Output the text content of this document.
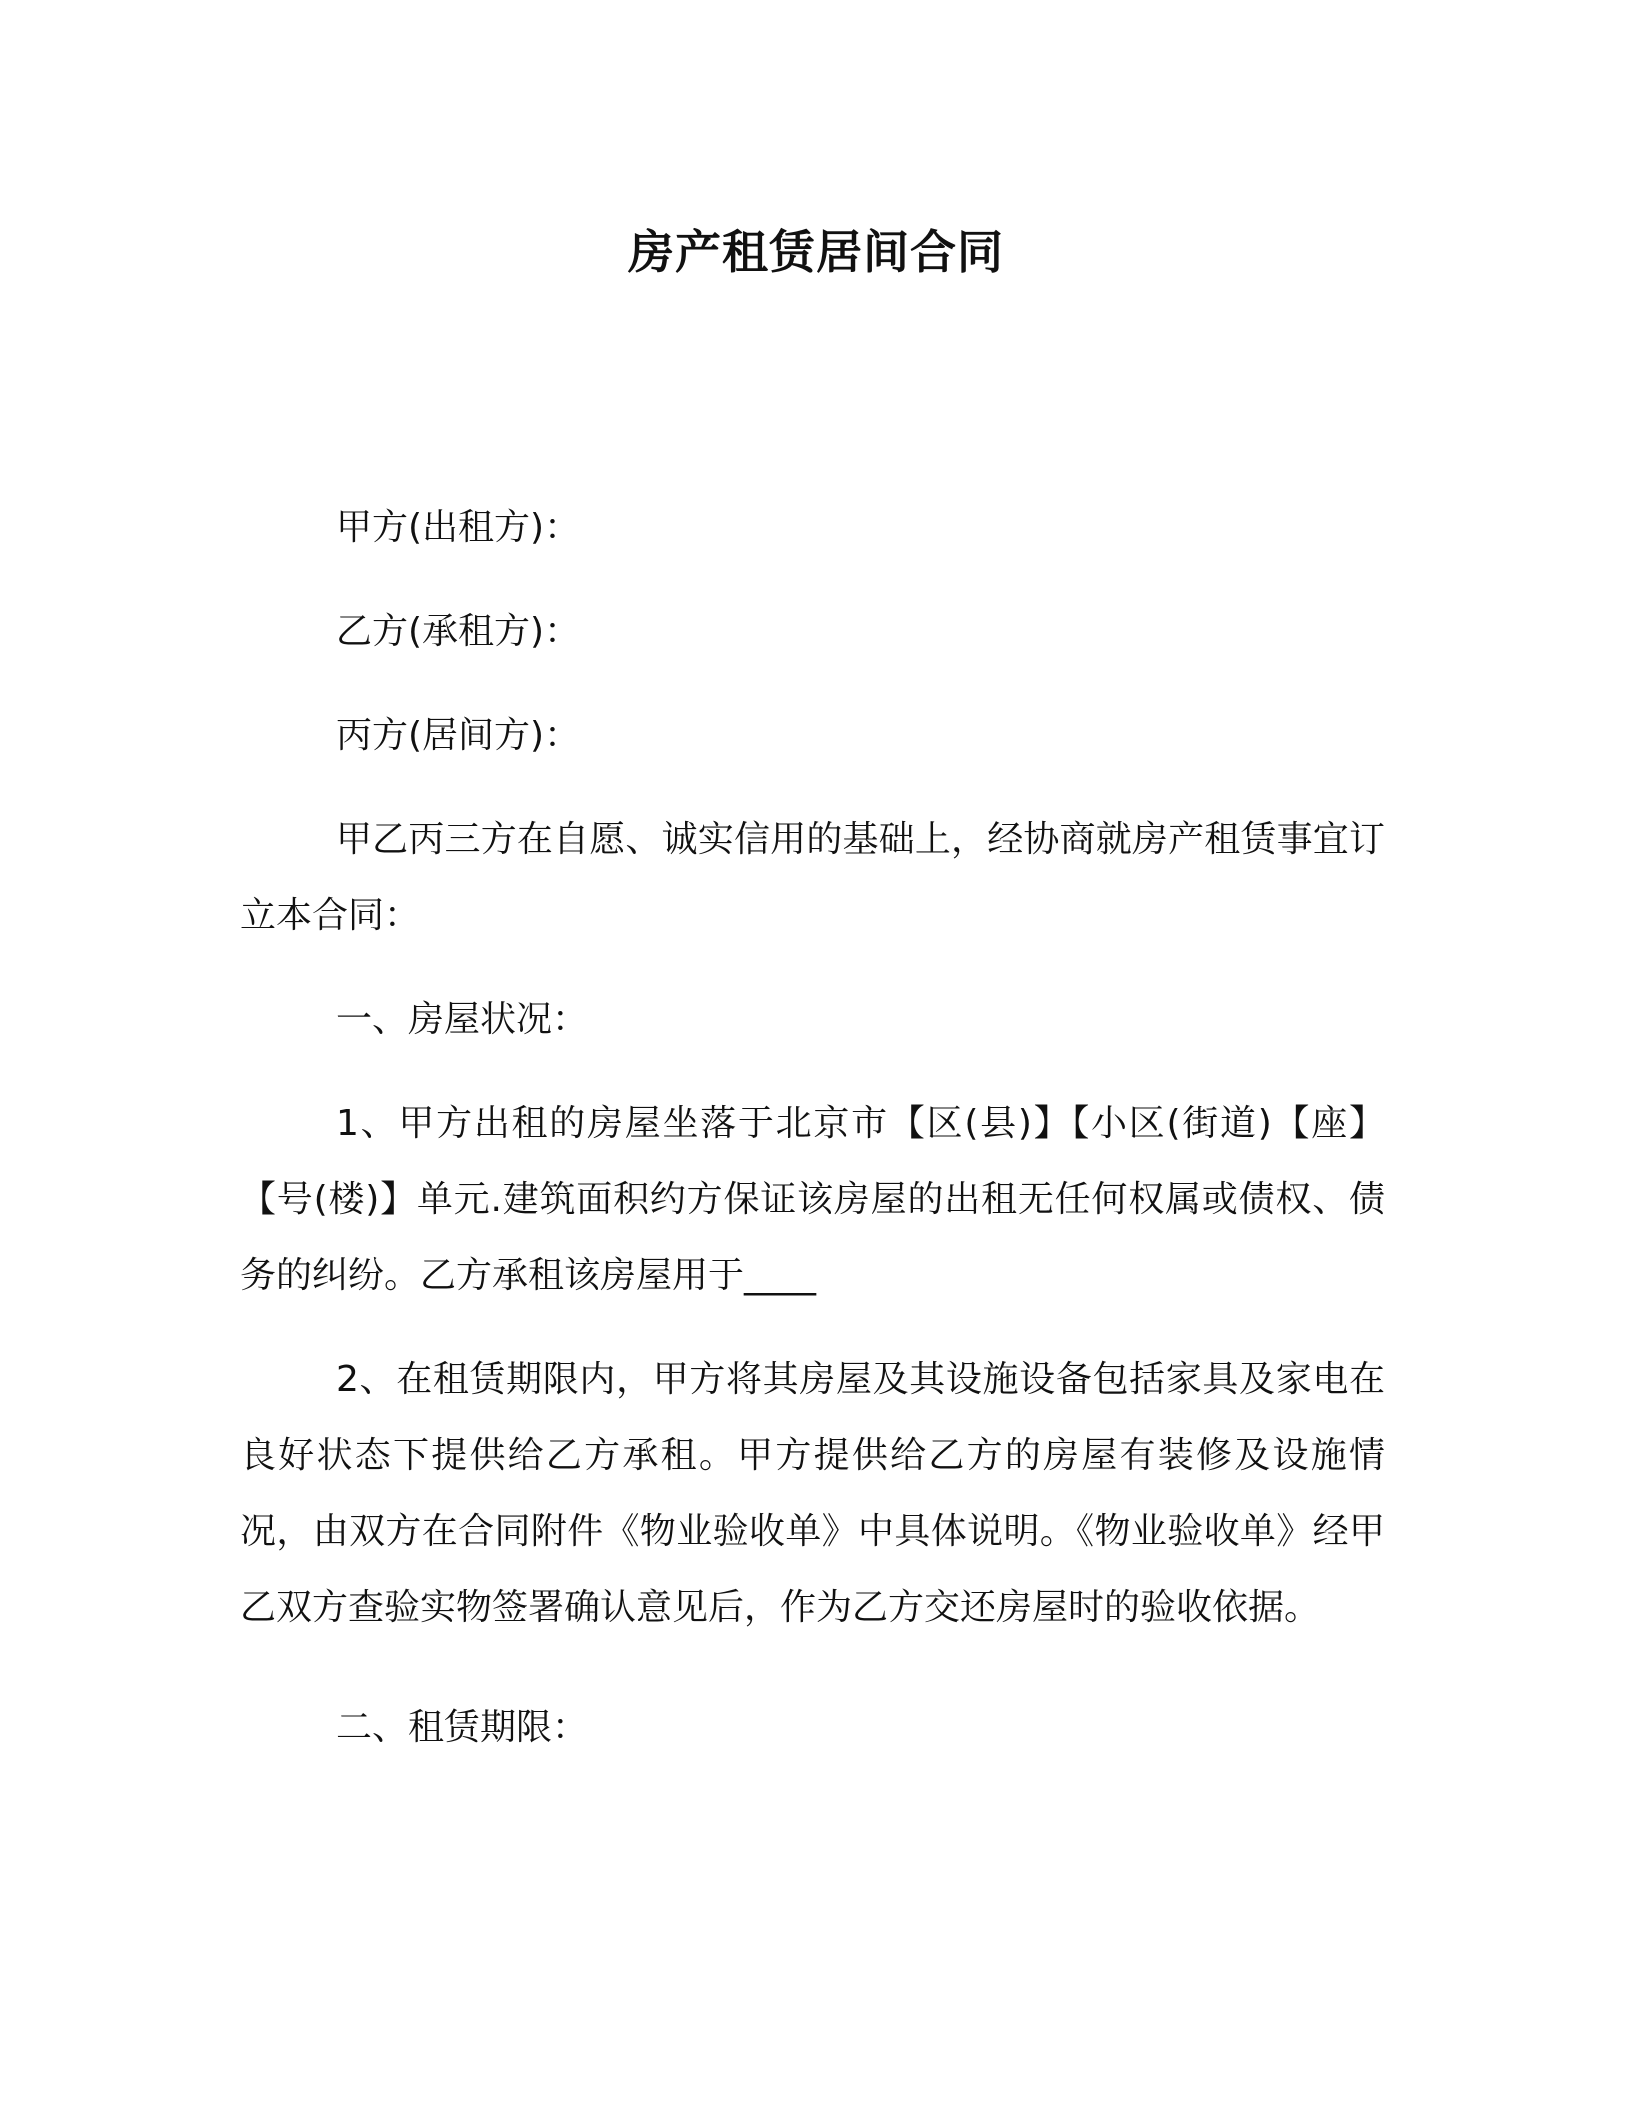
房产租赁居间合同

甲方(出租方)：

乙方(承租方)：

丙方(居间方)：

甲乙丙三方在自愿、诚实信用的基础上，经协商就房产租赁事宜订立本合同：

一、房屋状况：

1、甲方出租的房屋坐落于北京市【区(县)】【小区(街道)【座】【号(楼)】单元.建筑面积约方保证该房屋的出租无任何权属或债权、债务的纠纷。乙方承租该房屋用于____

2、在租赁期限内，甲方将其房屋及其设施设备包括家具及家电在良好状态下提供给乙方承租。甲方提供给乙方的房屋有装修及设施情况，由双方在合同附件《物业验收单》中具体说明。《物业验收单》经甲乙双方查验实物签署确认意见后，作为乙方交还房屋时的验收依据。

二、租赁期限：
